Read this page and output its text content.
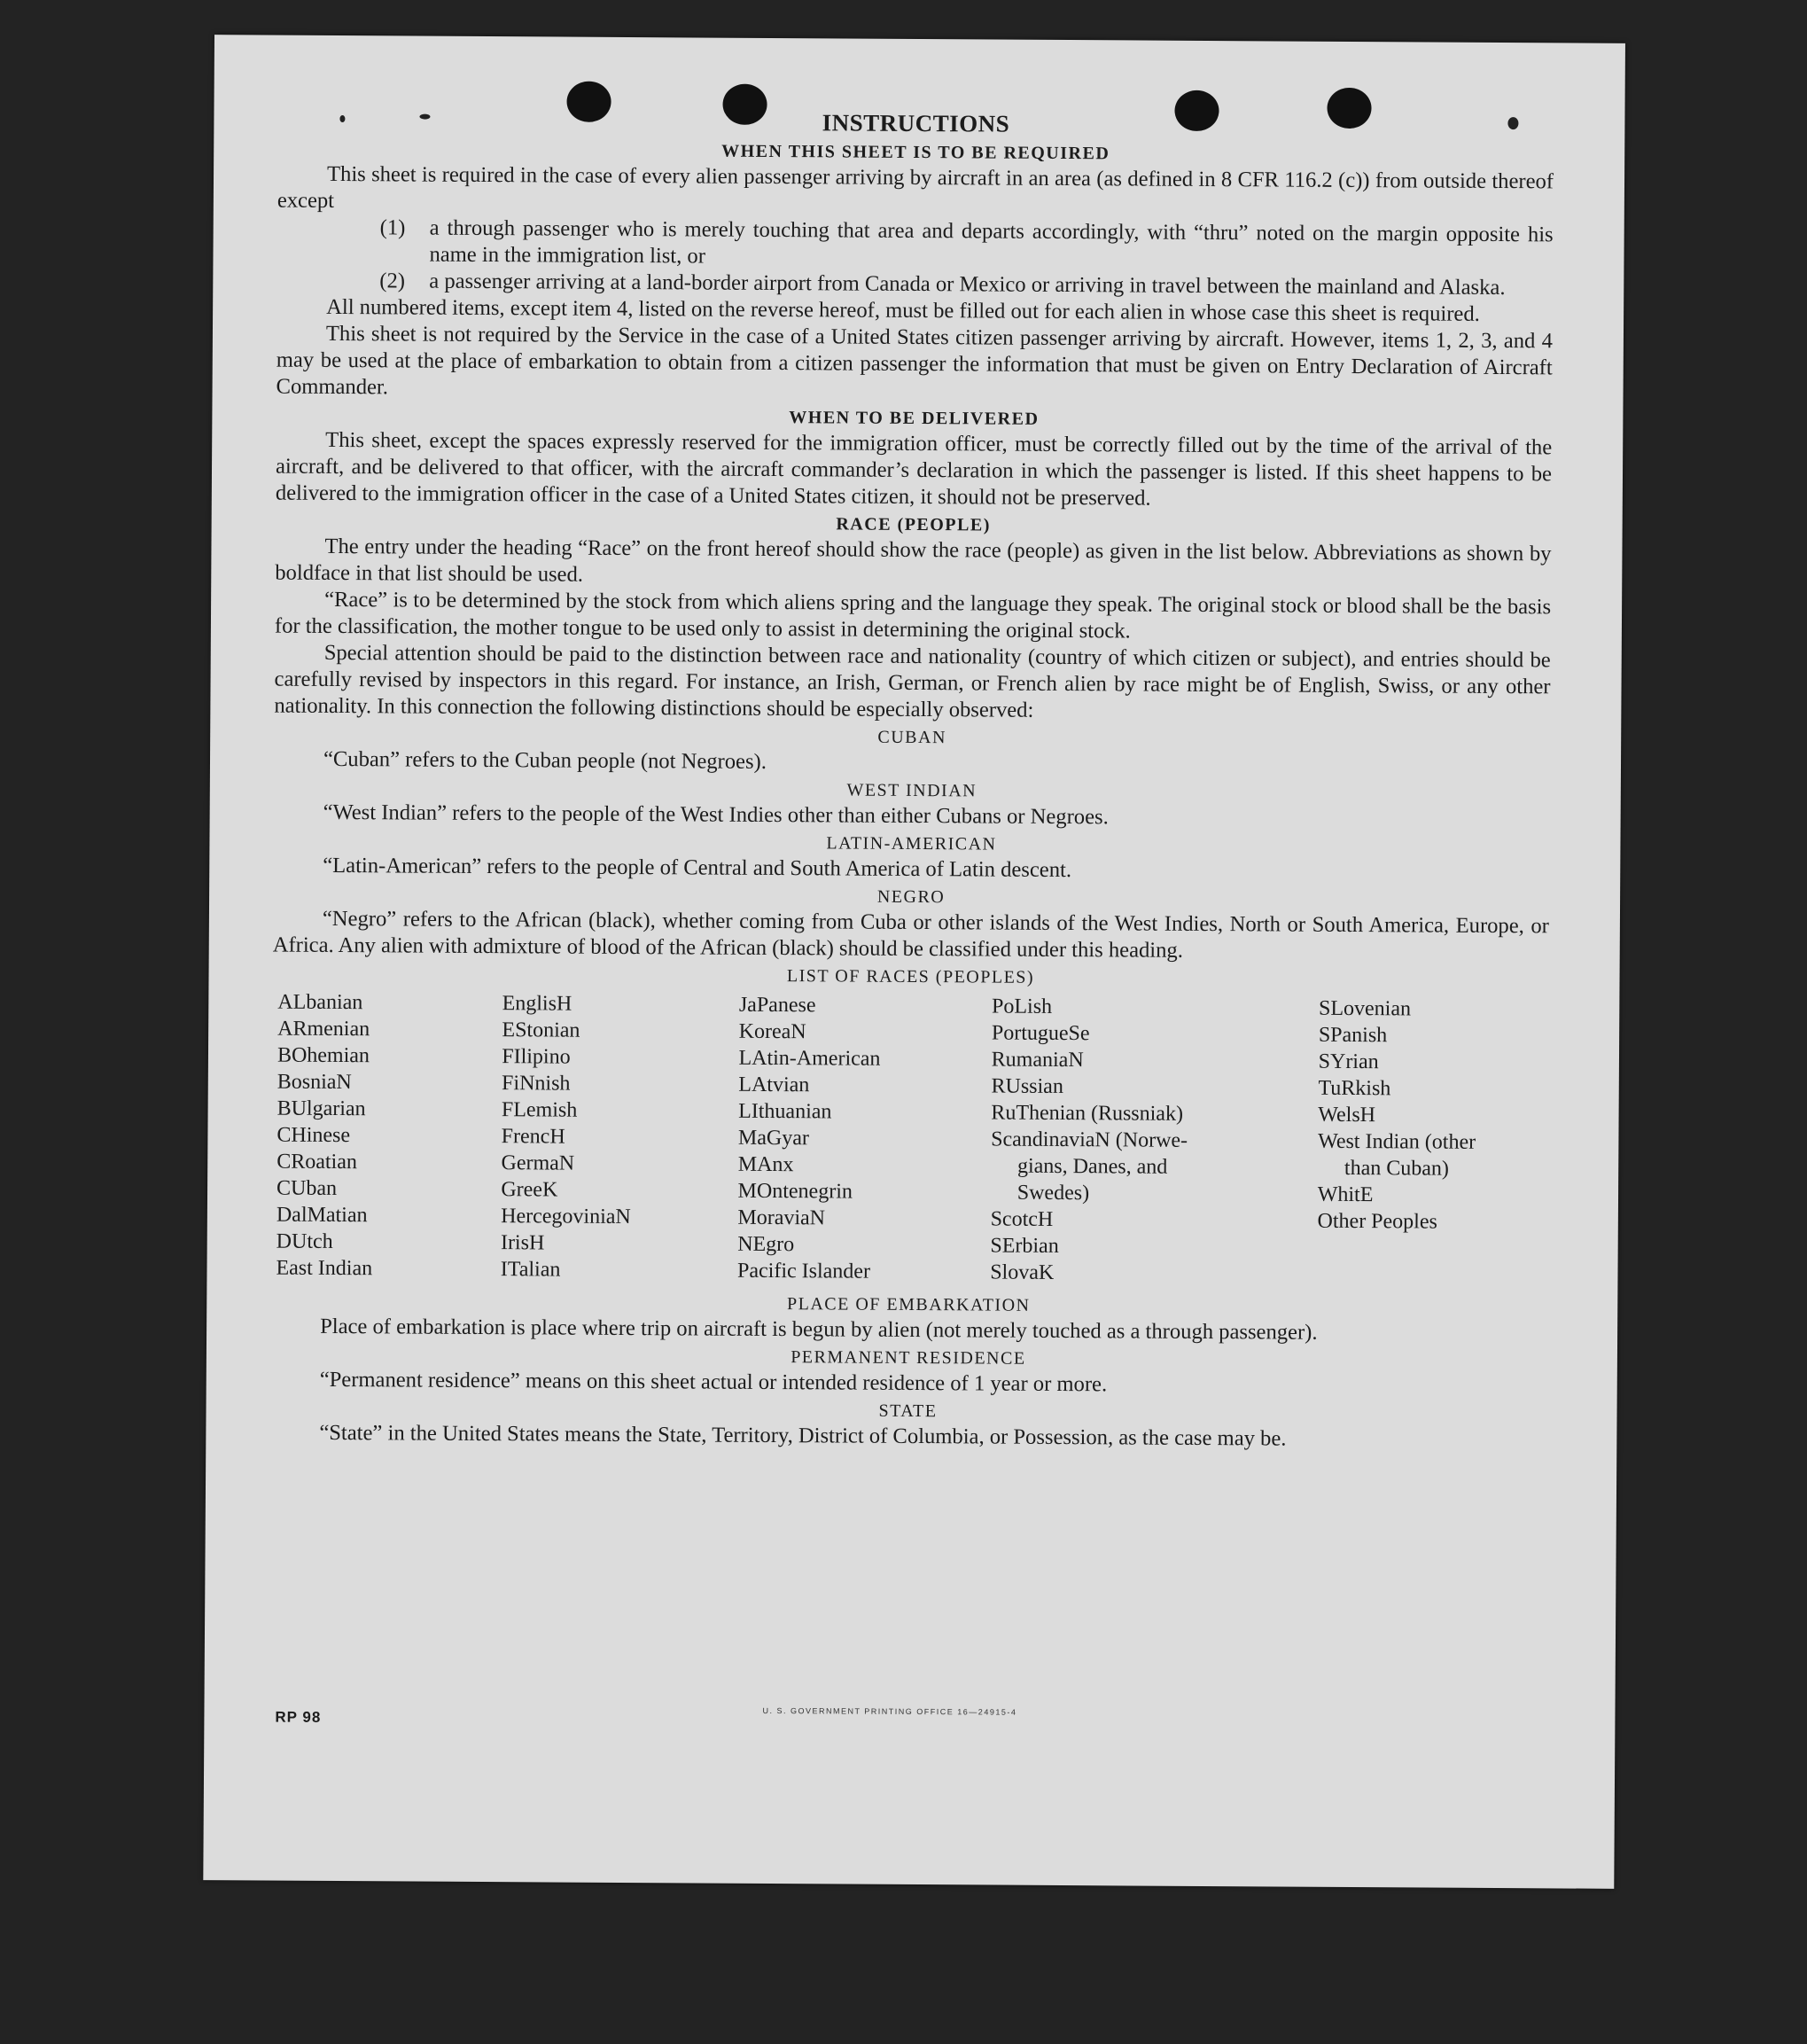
INSTRUCTIONS
WHEN THIS SHEET IS TO BE REQUIRED

This sheet is required in the case of every alien passenger arriving by aircraft in an area (as defined in 8 CFR 116.2 (c)) from outside thereof except

(1) a through passenger who is merely touching that area and departs accordingly, with “thru” noted on the margin opposite his name in the immigration list, or
(2) a passenger arriving at a land-border airport from Canada or Mexico or arriving in travel between the mainland and Alaska.

All numbered items, except item 4, listed on the reverse hereof, must be filled out for each alien in whose case this sheet is required.

This sheet is not required by the Service in the case of a United States citizen passenger arriving by aircraft. However, items 1, 2, 3, and 4 may be used at the place of embarkation to obtain from a citizen passenger the information that must be given on Entry Declaration of Aircraft Commander.

WHEN TO BE DELIVERED

This sheet, except the spaces expressly reserved for the immigration officer, must be correctly filled out by the time of the arrival of the aircraft, and be delivered to that officer, with the aircraft commander’s declaration in which the passenger is listed. If this sheet happens to be delivered to the immigration officer in the case of a United States citizen, it should not be preserved.

RACE (PEOPLE)

The entry under the heading “Race” on the front hereof should show the race (people) as given in the list below. Abbreviations as shown by boldface in that list should be used.

“Race” is to be determined by the stock from which aliens spring and the language they speak. The original stock or blood shall be the basis for the classification, the mother tongue to be used only to assist in determining the original stock.

Special attention should be paid to the distinction between race and nationality (country of which citizen or subject), and entries should be carefully revised by inspectors in this regard. For instance, an Irish, German, or French alien by race might be of English, Swiss, or any other nationality. In this connection the following distinctions should be especially observed:

CUBAN

“Cuban” refers to the Cuban people (not Negroes).

WEST INDIAN

“West Indian” refers to the people of the West Indies other than either Cubans or Negroes.

LATIN-AMERICAN

“Latin-American” refers to the people of Central and South America of Latin descent.

NEGRO

“Negro” refers to the African (black), whether coming from Cuba or other islands of the West Indies, North or South America, Europe, or Africa. Any alien with admixture of blood of the African (black) should be classified under this heading.

LIST OF RACES (PEOPLES)
ALbanian
ARmenian
BOhemian
BosniaN
BUlgarian
CHinese
CRoatian
CUban
DalMatian
DUtch
East Indian
EnglisH
EStonian
FIlipino
FiNnish
FLemish
FrencH
GermaN
GreeK
HercegoviniaN
IrisH
ITalian
JaPanese
KoreaN
LAtin-American
LAtvian
LIthuanian
MaGyar
MAnx
MOntenegrin
MoraviaN
NEgro
Pacific Islander
PoLish
PortugueSe
RumaniaN
RUssian
RuThenian (Russniak)
ScandinaviaN (Norwe-
gians, Danes, and
Swedes)
ScotcH
SErbian
SlovaK
SLovenian
SPanish
SYrian
TuRkish
WelsH
West Indian (other
than Cuban)
WhitE
Other Peoples
PLACE OF EMBARKATION

Place of embarkation is place where trip on aircraft is begun by alien (not merely touched as a through passenger).

PERMANENT RESIDENCE

“Permanent residence” means on this sheet actual or intended residence of 1 year or more.

STATE

“State” in the United States means the State, Territory, District of Columbia, or Possession, as the case may be.

RP 98	U. S. GOVERNMENT PRINTING OFFICE 16—24915-4
